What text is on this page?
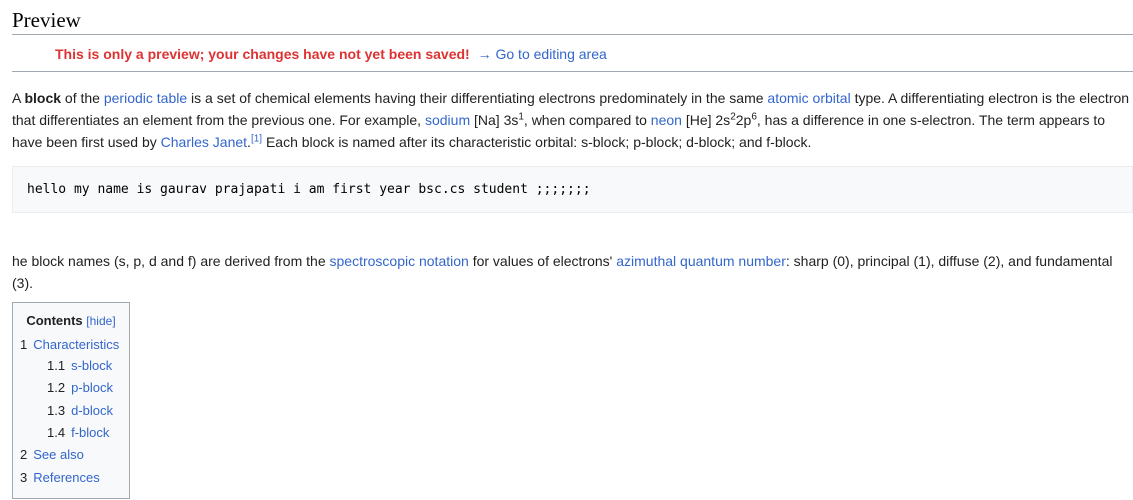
Preview
This is only a preview; your changes have not yet been saved! → Go to editing area

A block of the periodic table is a set of chemical elements having their differentiating electrons predominately in the same atomic orbital type. A differentiating electron is the electron that differentiates an element from the previous one. For example, sodium [Na] $3s^1$, when compared to neon [He] $2s^22p^6$, has a difference in one s-electron. The term appears to have been first used by Charles Janet.[1] Each block is named after its characteristic orbital: s-block; p-block; d-block; and f-block.

hello my name is gaurav prajapati i am first year bsc.cs student ;;;;;;;

he block names (s, p, d and f) are derived from the spectroscopic notation for values of electrons' azimuthal quantum number: sharp (0), principal (1), diffuse (2), and fundamental (3).

Contents [hide]
1 Characteristics
1.1 s-block
1.2 p-block
1.3 d-block
1.4 f-block
2 See also
3 References
